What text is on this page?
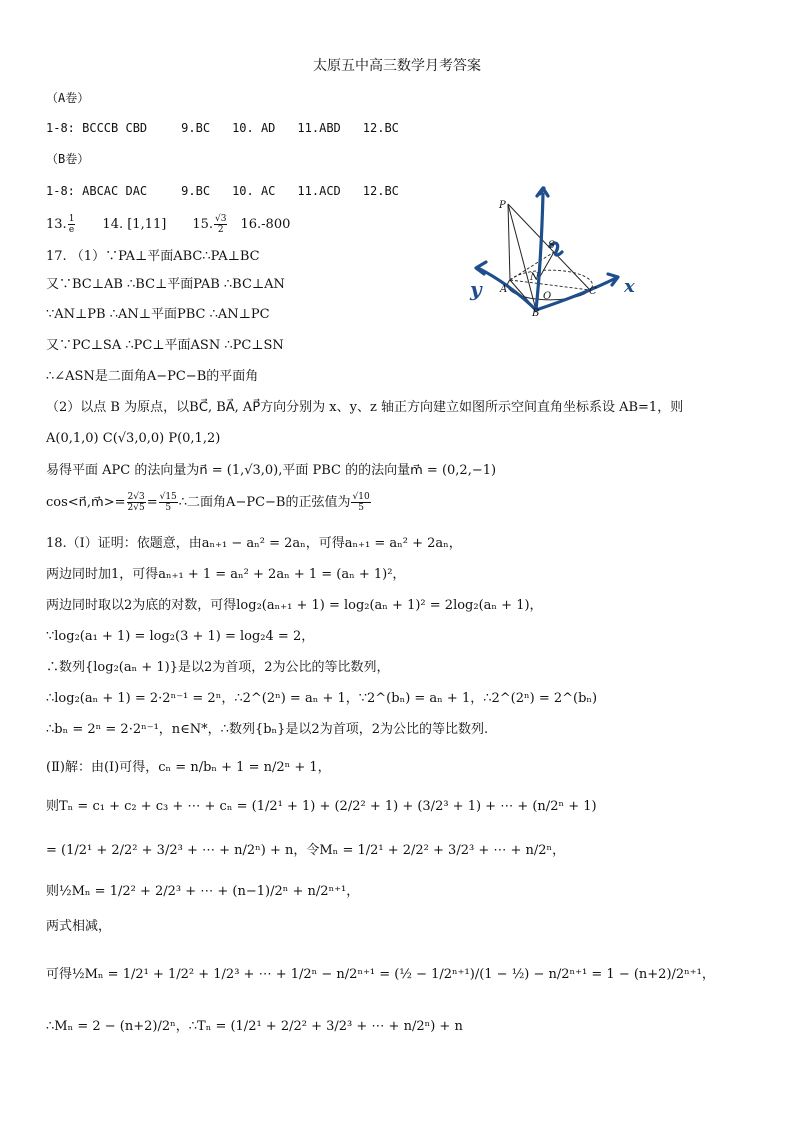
太原五中高三数学月考答案
（A卷）
1-8: BCCCB CBD	9.BC 10. AD 11.ABD 12.BC
（B卷）
1-8: ABCAC DAC	9.BC 10. AC 11.ACD 12.BC
13. $\frac{1}{e} 14$. [1,11] 15. $\frac{√3}{2} 16.-800$
17. （1）∵PA⊥平面ABC∴PA⊥BC
又∵BC⊥AB ∴BC⊥平面PAB ∴BC⊥AN
∵AN⊥PB ∴AN⊥平面PBC ∴AN⊥PC
又∵PC⊥SA ∴PC⊥平面ASN ∴PC⊥SN
∴∠ASN是二面角A−PC−B的平面角
（2）以点 B 为原点，以BC⃗, BA⃗, AP⃗方向分别为 x、y、z 轴正方向建立如图所示空间直角坐标系设 AB=1，则
A(0,1,0) C(√3,0,0) P(0,1,2)
易得平面 APC 的法向量为n⃗ = (1,√3,0),平面 PBC 的的法向量m⃗ = (0,2,−1)
cos<n⃗,m⃗>= $\frac{2√3}{2√5} = \frac{√15}{5}$ ∴二面角A−PC−B的正弦值为 $\frac{√10}{5}$
18.（I）证明：依题意，由aₙ₊₁ − aₙ² = 2aₙ，可得aₙ₊₁ = aₙ² + 2aₙ，
两边同时加1，可得aₙ₊₁ + 1 = aₙ² + 2aₙ + 1 = (aₙ + 1)²，
两边同时取以2为底的对数，可得log₂(aₙ₊₁ + 1) = log₂(aₙ + 1)² = 2log₂(aₙ + 1)，
∵log₂(a₁ + 1) = log₂(3 + 1) = log₂4 = 2，
∴数列{log₂(aₙ + 1)}是以2为首项，2为公比的等比数列，
∴log₂(aₙ + 1) = 2·2ⁿ⁻¹ = 2ⁿ，∴2^(2ⁿ) = aₙ + 1，∵2^(bₙ) = aₙ + 1，∴2^(2ⁿ) = 2^(bₙ)
∴bₙ = 2ⁿ = 2·2ⁿ⁻¹，n∈N*，∴数列{bₙ}是以2为首项，2为公比的等比数列.
(Ⅱ)解：由(Ⅰ)可得，cₙ = n/bₙ + 1 = n/2ⁿ + 1，
则Tₙ = c₁ + c₂ + c₃ + ⋯ + cₙ = (1/2¹ + 1) + (2/2² + 1) + (3/2³ + 1) + ⋯ + (n/2ⁿ + 1)
= (1/2¹ + 2/2² + 3/2³ + ⋯ + n/2ⁿ) + n，令Mₙ = 1/2¹ + 2/2² + 3/2³ + ⋯ + n/2ⁿ，
则½Mₙ = 1/2² + 2/2³ + ⋯ + (n−1)/2ⁿ + n/2ⁿ⁺¹，
两式相减，
可得½Mₙ = 1/2¹ + 1/2² + 1/2³ + ⋯ + 1/2ⁿ − n/2ⁿ⁺¹ = (½ − 1/2ⁿ⁺¹)/(1 − ½) − n/2ⁿ⁺¹ = 1 − (n+2)/2ⁿ⁺¹，
∴Mₙ = 2 − (n+2)/2ⁿ，∴Tₙ = (1/2¹ + 2/2² + 3/2³ + ⋯ + n/2ⁿ) + n
y	x
P
S
N
A
O
B
C
